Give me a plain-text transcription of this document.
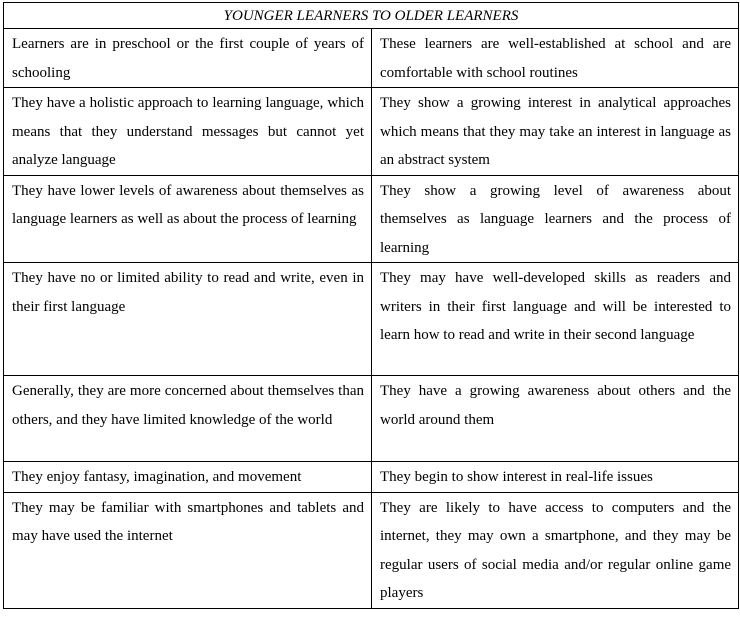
YOUNGER LEARNERS TO OLDER LEARNERS	
Learners are in preschool or the first couple of years of schooling	These learners are well-established at school and are comfortable with school routines
They have a holistic approach to learning language, which means that they understand messages but cannot yet analyze language	They show a growing interest in analytical approaches which means that they may take an interest in language as an abstract system
They have lower levels of awareness about themselves as language learners as well as about the process of learning	They show a growing level of awareness about themselves as language learners and the process of learning
They have no or limited ability to read and write, even in their first language	They may have well-developed skills as readers and writers in their first language and will be interested to learn how to read and write in their second language
Generally, they are more concerned about themselves than others, and they have limited knowledge of the world	They have a growing awareness about others and the world around them
They enjoy fantasy, imagination, and movement	They begin to show interest in real-life issues
They may be familiar with smartphones and tablets and may have used the internet	They are likely to have access to computers and the internet, they may own a smartphone, and they may be regular users of social media and/or regular online game players
